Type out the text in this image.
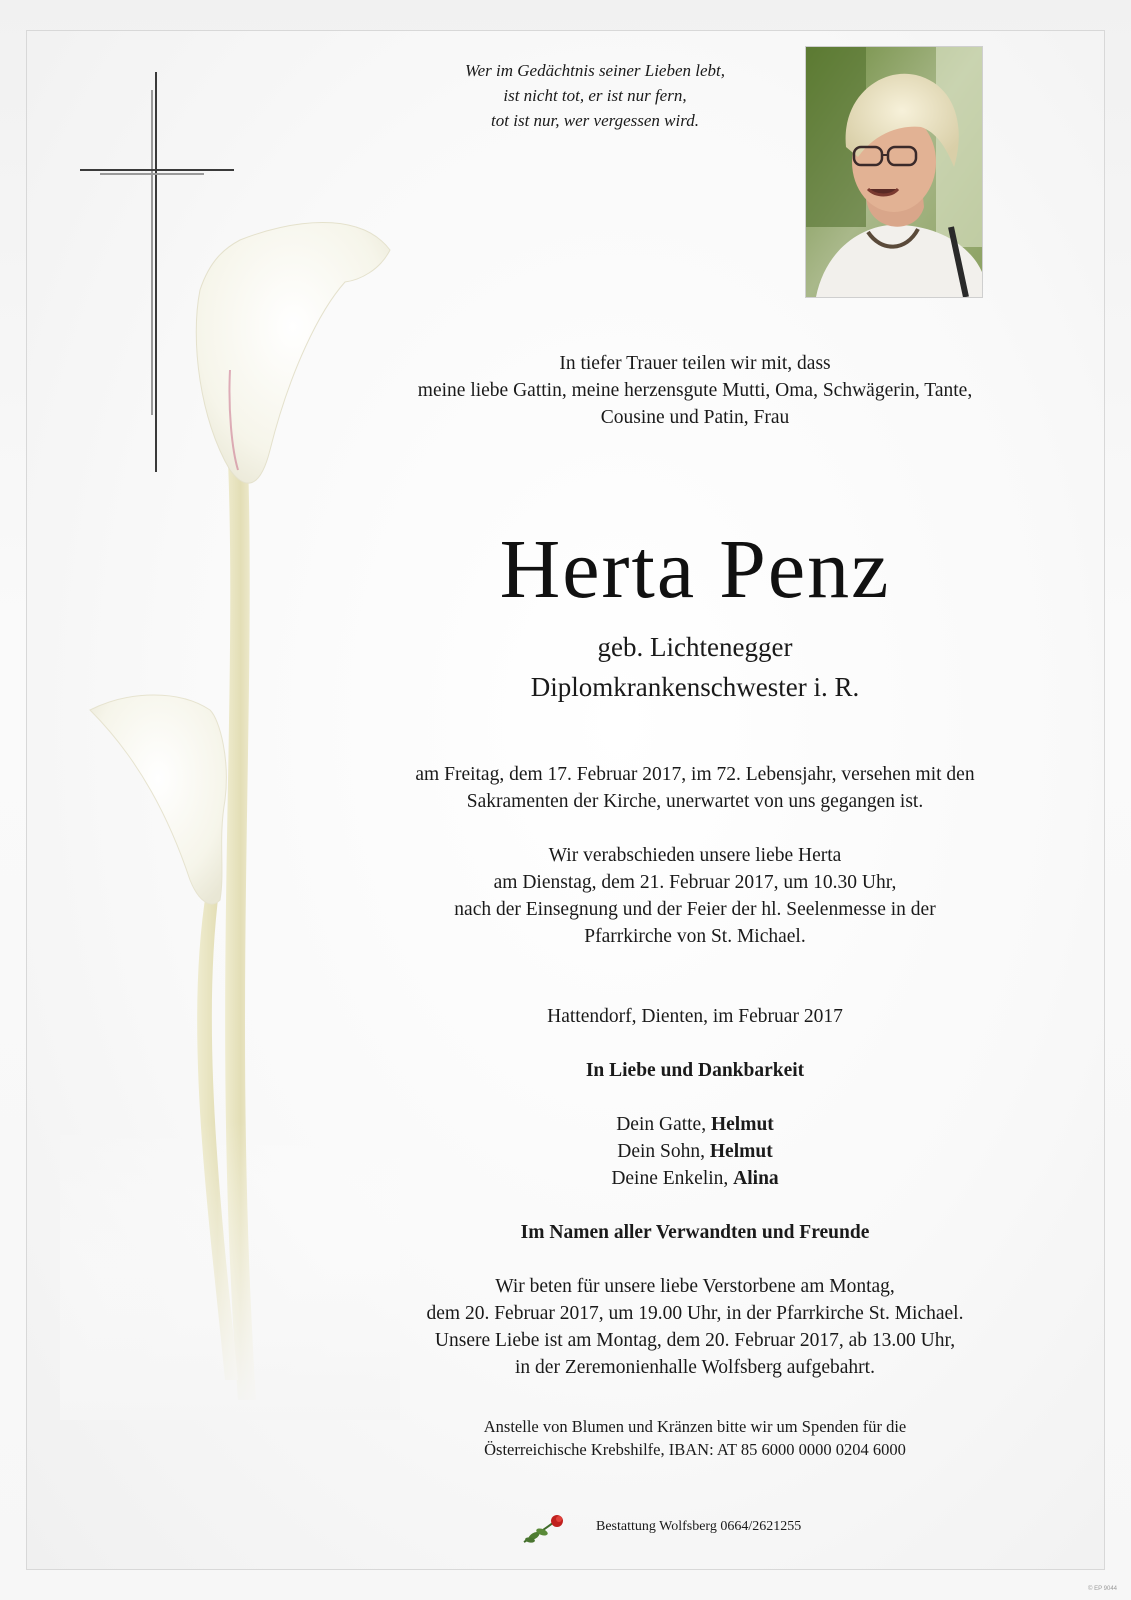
Wer im Gedächtnis seiner Lieben lebt,
ist nicht tot, er ist nur fern,
tot ist nur, wer vergessen wird.
In tiefer Trauer teilen wir mit, dass
meine liebe Gattin, meine herzensgute Mutti, Oma, Schwägerin, Tante,
Cousine und Patin, Frau
Herta Penz
geb. Lichtenegger
Diplomkrankenschwester i. R.
am Freitag, dem 17. Februar 2017, im 72. Lebensjahr, versehen mit den
Sakramenten der Kirche, unerwartet von uns gegangen ist.
Wir verabschieden unsere liebe Herta
am Dienstag, dem 21. Februar 2017, um 10.30 Uhr,
nach der Einsegnung und der Feier der hl. Seelenmesse in der
Pfarrkirche von St. Michael.
Hattendorf, Dienten, im Februar 2017
In Liebe und Dankbarkeit
Dein Gatte, Helmut
Dein Sohn, Helmut
Deine Enkelin, Alina
Im Namen aller Verwandten und Freunde
Wir beten für unsere liebe Verstorbene am Montag,
dem 20. Februar 2017, um 19.00 Uhr, in der Pfarrkirche St. Michael.
Unsere Liebe ist am Montag, dem 20. Februar 2017, ab 13.00 Uhr,
in der Zeremonienhalle Wolfsberg aufgebahrt.
Anstelle von Blumen und Kränzen bitte wir um Spenden für die
Österreichische Krebshilfe, IBAN: AT 85 6000 0000 0204 6000
Bestattung Wolfsberg 0664/2621255
© EP 9044
